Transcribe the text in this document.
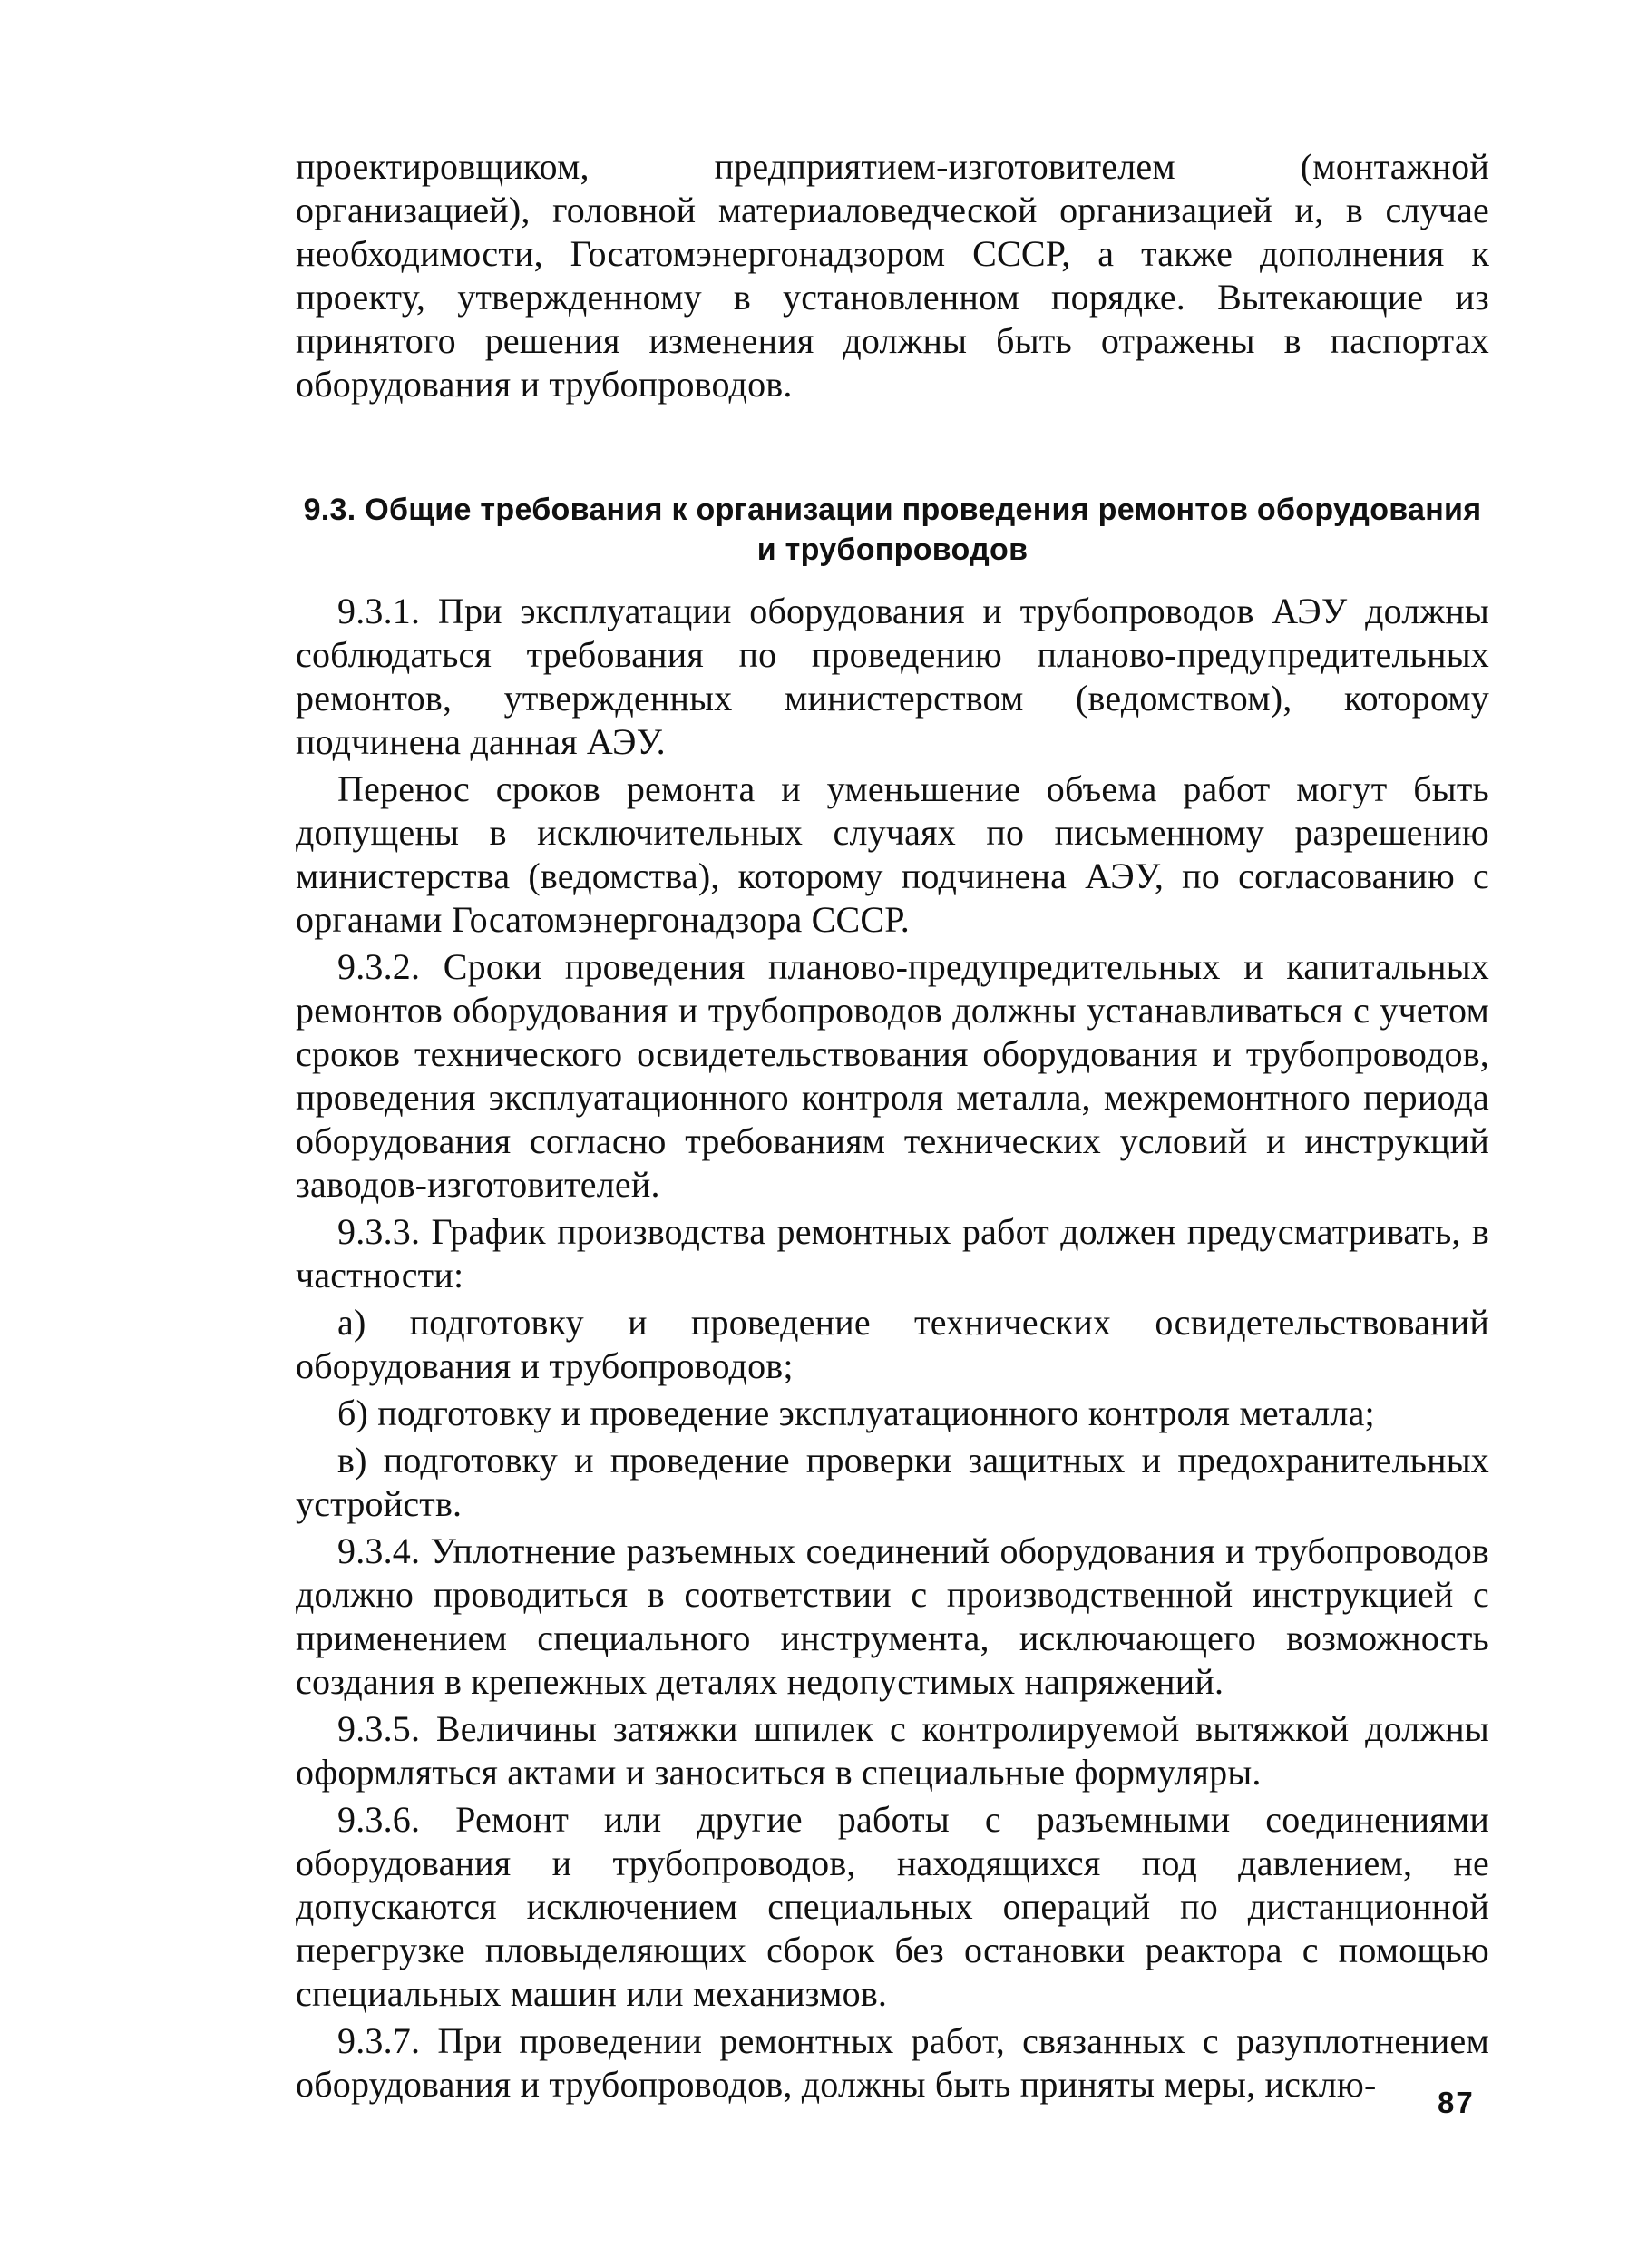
проектировщиком, предприятием-изготовителем (монтажной организацией), головной материаловедческой организацией и, в случае необходимости, Госатомэнергонадзором СССР, а также дополнения к проекту, утвержденному в установленном порядке. Вытекающие из принятого решения изменения должны быть отражены в паспортах оборудования и трубопроводов.

9.3. Общие требования к организации проведения ремонтов оборудования и трубопроводов

9.3.1. При эксплуатации оборудования и трубопроводов АЭУ должны соблюдаться требования по проведению планово-предупредительных ремонтов, утвержденных министерством (ведомством), которому подчинена данная АЭУ.

Перенос сроков ремонта и уменьшение объема работ могут быть допущены в исключительных случаях по письменному разрешению министерства (ведомства), которому подчинена АЭУ, по согласованию с органами Госатомэнергонадзора СССР.

9.3.2. Сроки проведения планово-предупредительных и капитальных ремонтов оборудования и трубопроводов должны устанавливаться с учетом сроков технического освидетельствования оборудования и трубопроводов, проведения эксплуатационного контроля металла, межремонтного периода оборудования согласно требованиям технических условий и инструкций заводов-изготовителей.

9.3.3. График производства ремонтных работ должен предусматривать, в частности:

а) подготовку и проведение технических освидетельствований оборудования и трубопроводов;

б) подготовку и проведение эксплуатационного контроля металла;

в) подготовку и проведение проверки защитных и предохранительных устройств.

9.3.4. Уплотнение разъемных соединений оборудования и трубопроводов должно проводиться в соответствии с производственной инструкцией с применением специального инструмента, исключающего возможность создания в крепежных деталях недопустимых напряжений.

9.3.5. Величины затяжки шпилек с контролируемой вытяжкой должны оформляться актами и заноситься в специальные формуляры.

9.3.6. Ремонт или другие работы с разъемными соединениями оборудования и трубопроводов, находящихся под давлением, не допускаются исключением специальных операций по дистанционной перегрузке пловыделяющих сборок без остановки реактора с помощью специальных машин или механизмов.

9.3.7. При проведении ремонтных работ, связанных с разуплотнением оборудования и трубопроводов, должны быть приняты меры, исклю-	87
